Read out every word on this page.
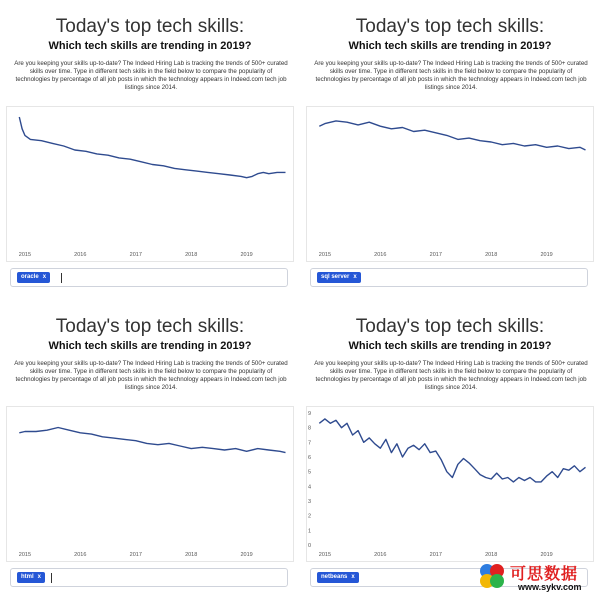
Today's top tech skills:
Which tech skills are trending in 2019?
Are you keeping your skills up-to-date? The Indeed Hiring Lab is tracking the trends of 500+ curated skills over time. Type in different tech skills in the field below to compare the popularity of technologies by percentage of all job posts in which the technology appears in Indeed.com tech job listings since 2014.
2015	2016	2017	2018	2019
oracle x
Today's top tech skills:
Which tech skills are trending in 2019?
Are you keeping your skills up-to-date? The Indeed Hiring Lab is tracking the trends of 500+ curated skills over time. Type in different tech skills in the field below to compare the popularity of technologies by percentage of all job posts in which the technology appears in Indeed.com tech job listings since 2014.
2015	2016	2017	2018	2019
sql server x
Today's top tech skills:
Which tech skills are trending in 2019?
Are you keeping your skills up-to-date? The Indeed Hiring Lab is tracking the trends of 500+ curated skills over time. Type in different tech skills in the field below to compare the popularity of technologies by percentage of all job posts in which the technology appears in Indeed.com tech job listings since 2014.
2015	2016	2017	2018	2019
html x
Today's top tech skills:
Which tech skills are trending in 2019?
Are you keeping your skills up-to-date? The Indeed Hiring Lab is tracking the trends of 500+ curated skills over time. Type in different tech skills in the field below to compare the popularity of technologies by percentage of all job posts in which the technology appears in Indeed.com tech job listings since 2014.
2015	2016	2017	2018	2019
0
1
2
3
4
5
6
7
8
9
netbeans x	可思数据
www.sykv.com
